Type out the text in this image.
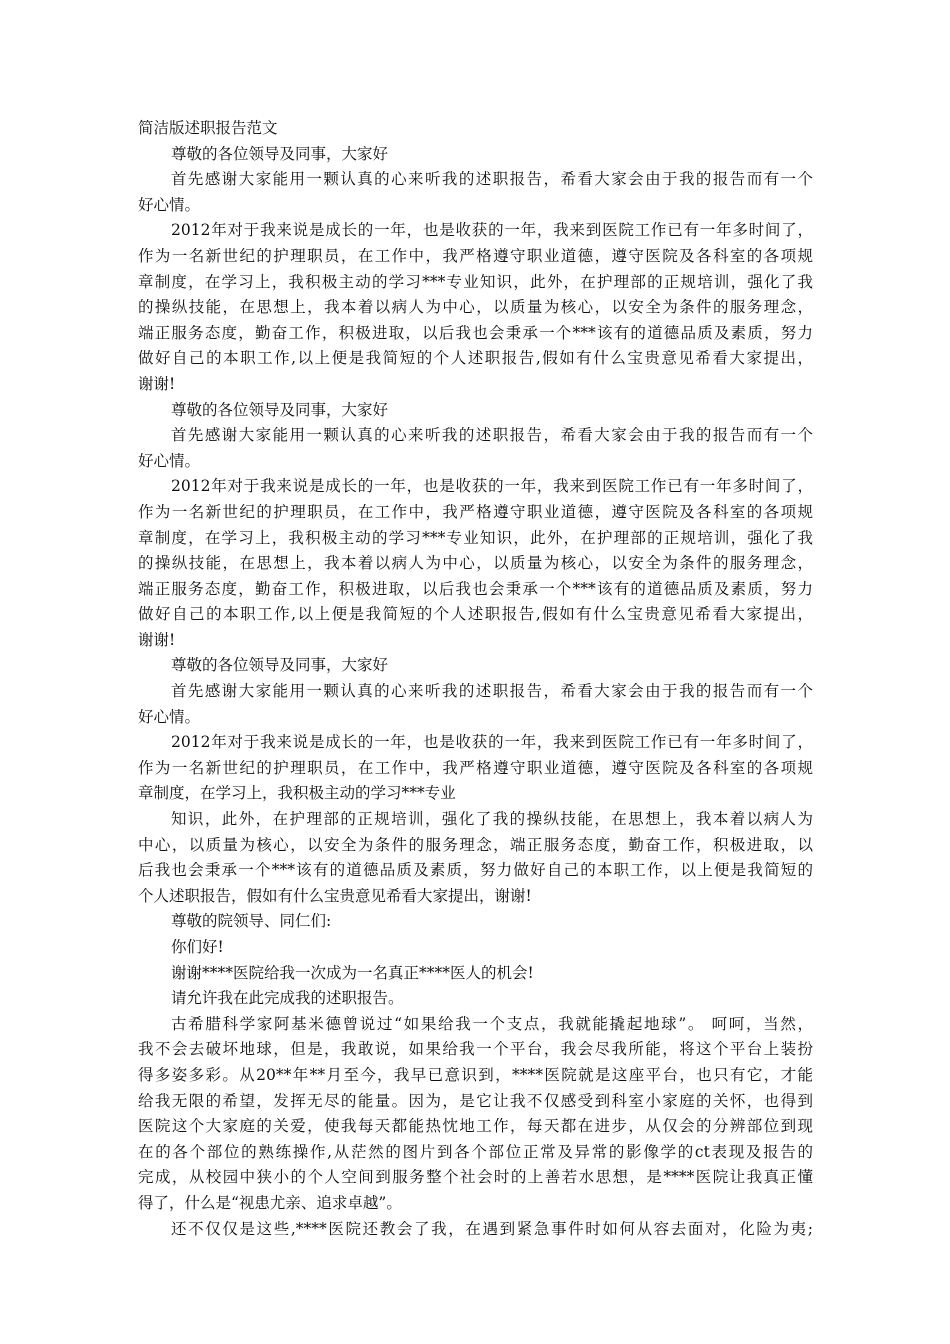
简洁版述职报告范文
尊敬的各位领导及同事，大家好
首先感谢大家能用一颗认真的心来听我的述职报告，希看大家会由于我的报告而有一个
好心情。
2012年对于我来说是成长的一年，也是收获的一年，我来到医院工作已有一年多时间了，
作为一名新世纪的护理职员，在工作中，我严格遵守职业道德，遵守医院及各科室的各项规
章制度，在学习上，我积极主动的学习***专业知识，此外，在护理部的正规培训，强化了我
的操纵技能，在思想上，我本着以病人为中心，以质量为核心，以安全为条件的服务理念，
端正服务态度，勤奋工作，积极进取，以后我也会秉承一个***该有的道德品质及素质，努力
做好自己的本职工作,以上便是我简短的个人述职报告,假如有什么宝贵意见希看大家提出，
谢谢!
尊敬的各位领导及同事，大家好
首先感谢大家能用一颗认真的心来听我的述职报告，希看大家会由于我的报告而有一个
好心情。
2012年对于我来说是成长的一年，也是收获的一年，我来到医院工作已有一年多时间了，
作为一名新世纪的护理职员，在工作中，我严格遵守职业道德，遵守医院及各科室的各项规
章制度，在学习上，我积极主动的学习***专业知识，此外，在护理部的正规培训，强化了我
的操纵技能，在思想上，我本着以病人为中心，以质量为核心，以安全为条件的服务理念，
端正服务态度，勤奋工作，积极进取，以后我也会秉承一个***该有的道德品质及素质，努力
做好自己的本职工作,以上便是我简短的个人述职报告,假如有什么宝贵意见希看大家提出，
谢谢!
尊敬的各位领导及同事，大家好
首先感谢大家能用一颗认真的心来听我的述职报告，希看大家会由于我的报告而有一个
好心情。
2012年对于我来说是成长的一年，也是收获的一年，我来到医院工作已有一年多时间了，
作为一名新世纪的护理职员，在工作中，我严格遵守职业道德，遵守医院及各科室的各项规
章制度，在学习上，我积极主动的学习***专业
知识，此外，在护理部的正规培训，强化了我的操纵技能，在思想上，我本着以病人为
中心，以质量为核心，以安全为条件的服务理念，端正服务态度，勤奋工作，积极进取，以
后我也会秉承一个***该有的道德品质及素质，努力做好自己的本职工作，以上便是我简短的
个人述职报告，假如有什么宝贵意见希看大家提出，谢谢!
尊敬的院领导、同仁们:
你们好!
谢谢****医院给我一次成为一名真正****医人的机会!
请允许我在此完成我的述职报告。
古希腊科学家阿基米德曾说过“如果给我一个支点，我就能撬起地球”。 呵呵，当然，
我不会去破坏地球，但是，我敢说，如果给我一个平台，我会尽我所能，将这个平台上装扮
得多姿多彩。从20**年**月至今，我早已意识到，****医院就是这座平台，也只有它，才能
给我无限的希望，发挥无尽的能量。因为，是它让我不仅感受到科室小家庭的关怀，也得到
医院这个大家庭的关爱，使我每天都能热忱地工作，每天都在进步，从仅会的分辨部位到现
在的各个部位的熟练操作,从茫然的图片到各个部位正常及异常的影像学的ct表现及报告的
完成，从校园中狭小的个人空间到服务整个社会时的上善若水思想，是****医院让我真正懂
得了，什么是“视患尤亲、追求卓越”。
还不仅仅是这些,****医院还教会了我，在遇到紧急事件时如何从容去面对，化险为夷;
